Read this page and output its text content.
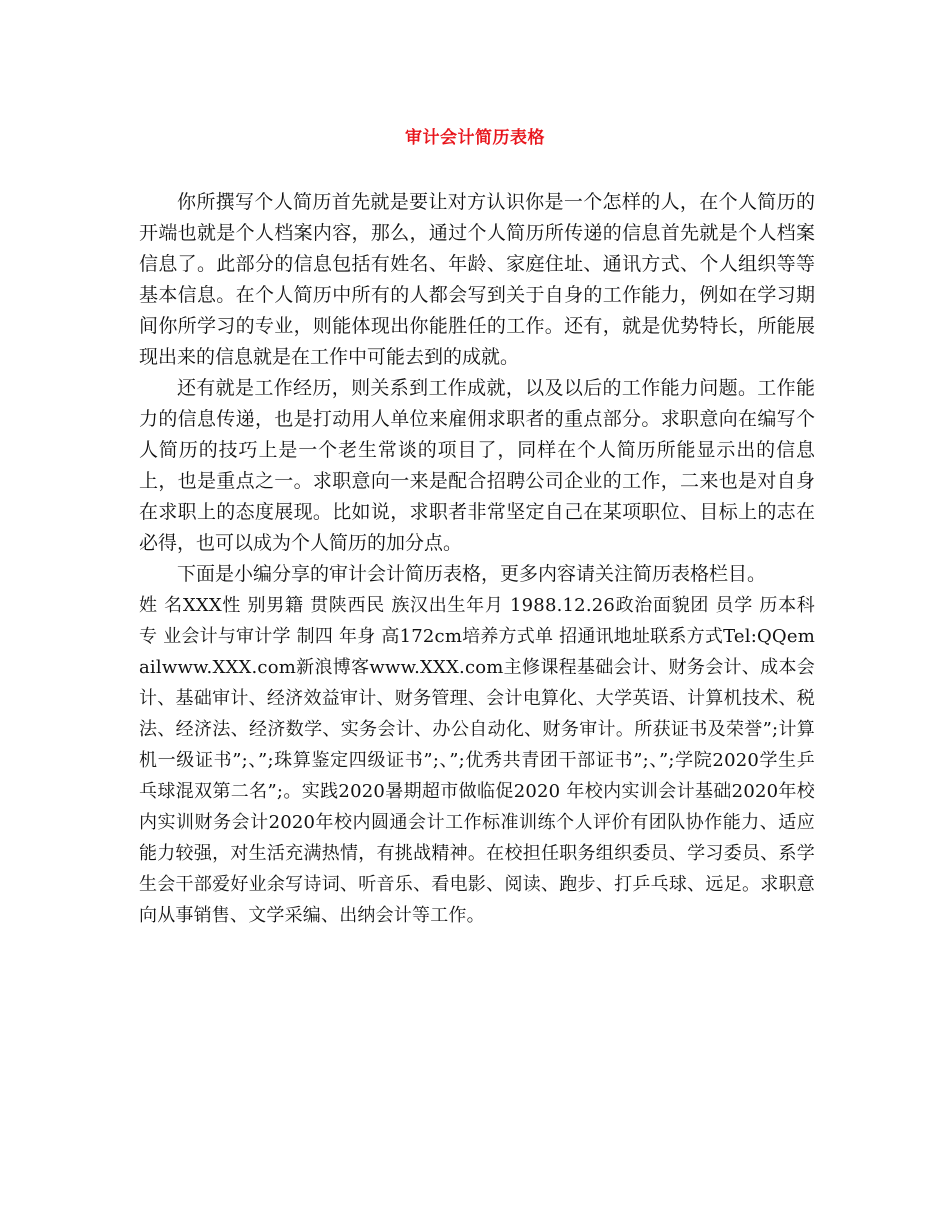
审计会计简历表格

你所撰写个人简历首先就是要让对方认识你是一个怎样的人，在个人简历的开端也就是个人档案内容，那么，通过个人简历所传递的信息首先就是个人档案信息了。此部分的信息包括有姓名、年龄、家庭住址、通讯方式、个人组织等等基本信息。在个人简历中所有的人都会写到关于自身的工作能力，例如在学习期间你所学习的专业，则能体现出你能胜任的工作。还有，就是优势特长，所能展现出来的信息就是在工作中可能去到的成就。

还有就是工作经历，则关系到工作成就，以及以后的工作能力问题。工作能力的信息传递，也是打动用人单位来雇佣求职者的重点部分。求职意向在编写个人简历的技巧上是一个老生常谈的项目了，同样在个人简历所能显示出的信息上，也是重点之一。求职意向一来是配合招聘公司企业的工作，二来也是对自身在求职上的态度展现。比如说，求职者非常坚定自己在某项职位、目标上的志在必得，也可以成为个人简历的加分点。

下面是小编分享的审计会计简历表格，更多内容请关注简历表格栏目。

姓 名XXX性 别男籍 贯陕西民 族汉出生年月 1988.12.26政治面貌团 员学 历本科专 业会计与审计学 制四 年身 高172cm培养方式单 招通讯地址联系方式Tel:QQemailwww.XXX.com新浪博客www.XXX.com主修课程基础会计、财务会计、成本会计、基础审计、经济效益审计、财务管理、会计电算化、大学英语、计算机技术、税法、经济法、经济数学、实务会计、办公自动化、财务审计。所获证书及荣誉”;计算机一级证书”;、”;珠算鉴定四级证书”;、”;优秀共青团干部证书”;、”;学院2020学生乒乓球混双第二名”;。实践2020暑期超市做临促2020 年校内实训会计基础2020年校内实训财务会计2020年校内圆通会计工作标准训练个人评价有团队协作能力、适应能力较强，对生活充满热情，有挑战精神。在校担任职务组织委员、学习委员、系学生会干部爱好业余写诗词、听音乐、看电影、阅读、跑步、打乒乓球、远足。求职意向从事销售、文学采编、出纳会计等工作。
